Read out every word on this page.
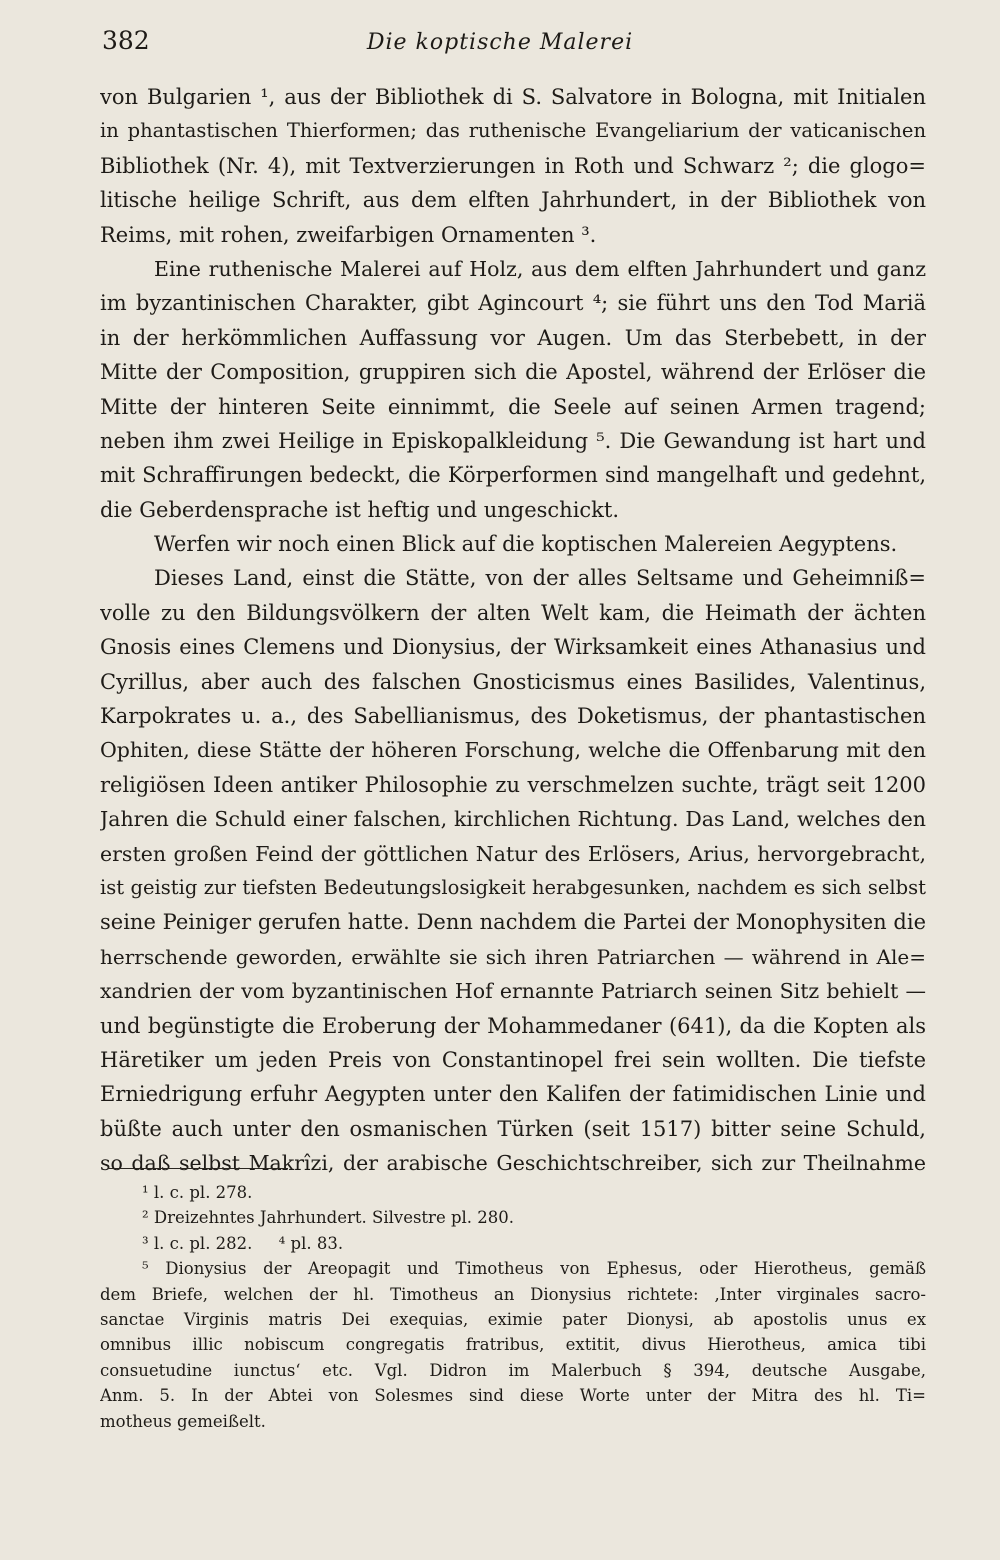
382	Die koptische Malerei
von Bulgarien ¹, aus der Bibliothek di S. Salvatore in Bologna, mit Initialen
in phantastischen Thierformen; das ruthenische Evangeliarium der vaticanischen
Bibliothek (Nr. 4), mit Textverzierungen in Roth und Schwarz ²; die glogo=
litische heilige Schrift, aus dem elften Jahrhundert, in der Bibliothek von
Reims, mit rohen, zweifarbigen Ornamenten ³.
Eine ruthenische Malerei auf Holz, aus dem elften Jahrhundert und ganz
im byzantinischen Charakter, gibt Agincourt ⁴; sie führt uns den Tod Mariä
in der herkömmlichen Auffassung vor Augen. Um das Sterbebett, in der
Mitte der Composition, gruppiren sich die Apostel, während der Erlöser die
Mitte der hinteren Seite einnimmt, die Seele auf seinen Armen tragend;
neben ihm zwei Heilige in Episkopalkleidung ⁵. Die Gewandung ist hart und
mit Schraffirungen bedeckt, die Körperformen sind mangelhaft und gedehnt,
die Geberdensprache ist heftig und ungeschickt.
Werfen wir noch einen Blick auf die koptischen Malereien Aegyptens.
Dieses Land, einst die Stätte, von der alles Seltsame und Geheimniß=
volle zu den Bildungsvölkern der alten Welt kam, die Heimath der ächten
Gnosis eines Clemens und Dionysius, der Wirksamkeit eines Athanasius und
Cyrillus, aber auch des falschen Gnosticismus eines Basilides, Valentinus,
Karpokrates u. a., des Sabellianismus, des Doketismus, der phantastischen
Ophiten, diese Stätte der höheren Forschung, welche die Offenbarung mit den
religiösen Ideen antiker Philosophie zu verschmelzen suchte, trägt seit 1200
Jahren die Schuld einer falschen, kirchlichen Richtung. Das Land, welches den
ersten großen Feind der göttlichen Natur des Erlösers, Arius, hervorgebracht,
ist geistig zur tiefsten Bedeutungslosigkeit herabgesunken, nachdem es sich selbst
seine Peiniger gerufen hatte. Denn nachdem die Partei der Monophysiten die
herrschende geworden, erwählte sie sich ihren Patriarchen — während in Ale=
xandrien der vom byzantinischen Hof ernannte Patriarch seinen Sitz behielt —
und begünstigte die Eroberung der Mohammedaner (641), da die Kopten als
Häretiker um jeden Preis von Constantinopel frei sein wollten. Die tiefste
Erniedrigung erfuhr Aegypten unter den Kalifen der fatimidischen Linie und
büßte auch unter den osmanischen Türken (seit 1517) bitter seine Schuld,
so daß selbst Makrîzi, der arabische Geschichtschreiber, sich zur Theilnahme
¹ l. c. pl. 278.
² Dreizehntes Jahrhundert. Silvestre pl. 280.
³ l. c. pl. 282.     ⁴ pl. 83.
⁵ Dionysius der Areopagit und Timotheus von Ephesus, oder Hierotheus, gemäß
dem Briefe, welchen der hl. Timotheus an Dionysius richtete: ‚Inter virginales sacro-
sanctae Virginis matris Dei exequias, eximie pater Dionysi, ab apostolis unus ex
omnibus illic nobiscum congregatis fratribus, extitit, divus Hierotheus, amica tibi
consuetudine iunctus‘ etc. Vgl. Didron im Malerbuch § 394, deutsche Ausgabe,
Anm. 5. In der Abtei von Solesmes sind diese Worte unter der Mitra des hl. Ti=
motheus gemeißelt.
